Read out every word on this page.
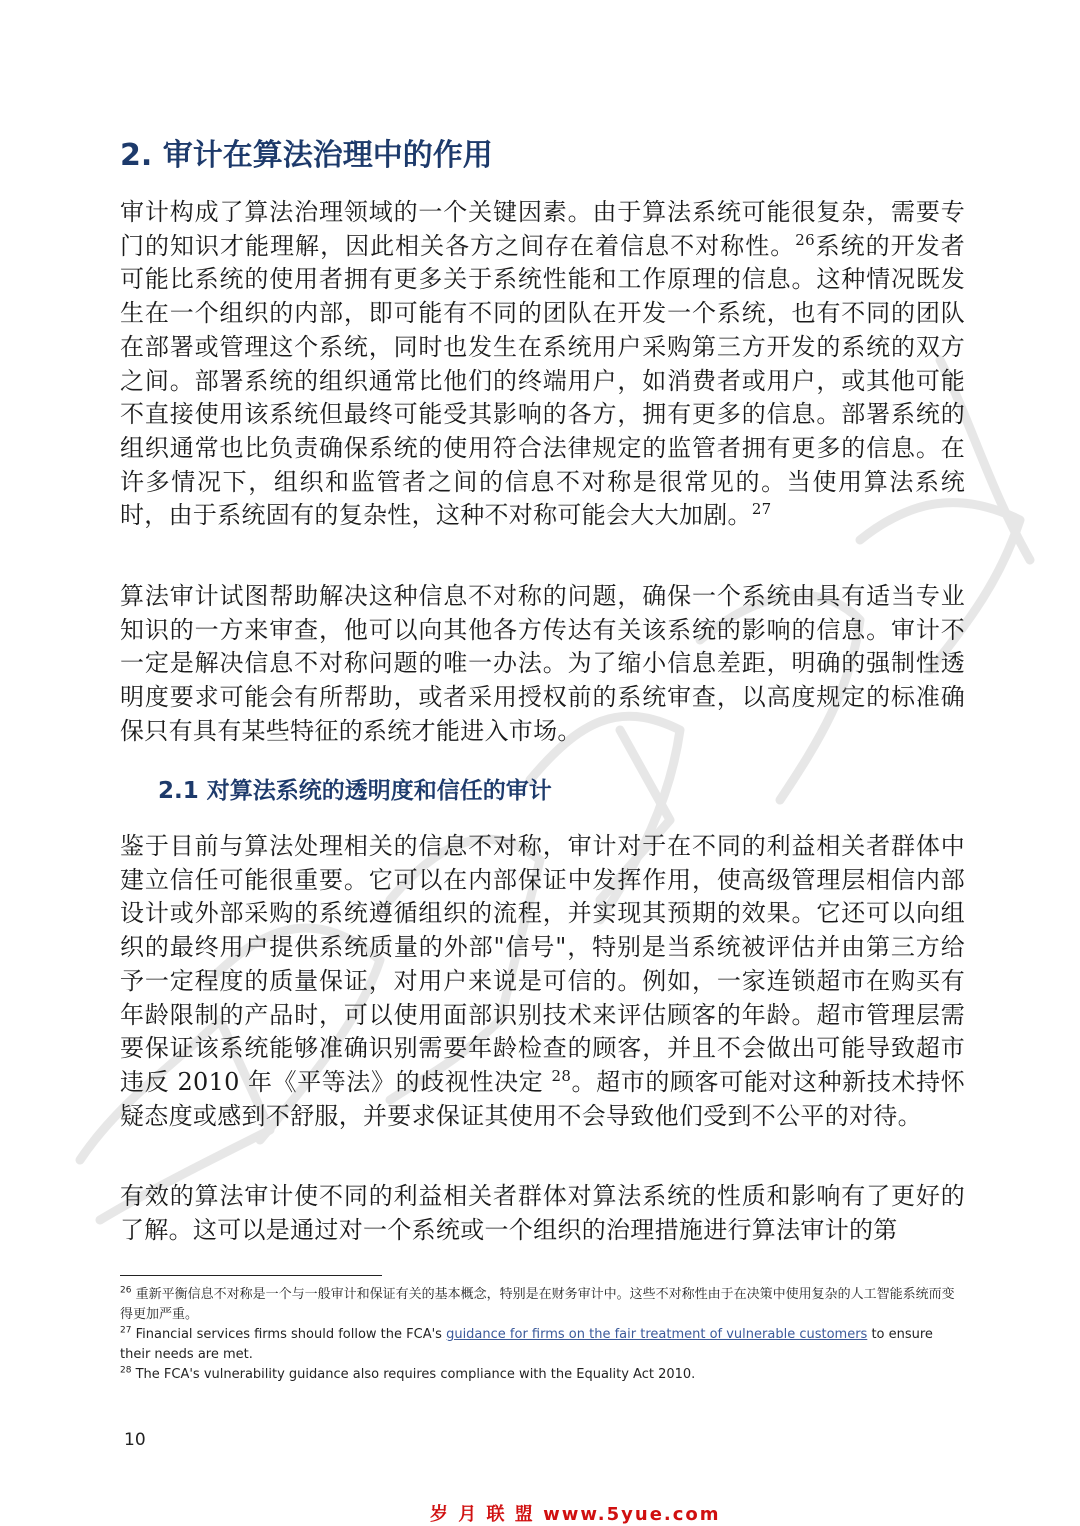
2. 审计在算法治理中的作用

审计构成了算法治理领域的一个关键因素。由于算法系统可能很复杂，需要专门的知识才能理解，因此相关各方之间存在着信息不对称性。$^{26}$系统的开发者可能比系统的使用者拥有更多关于系统性能和工作原理的信息。这种情况既发生在一个组织的内部，即可能有不同的团队在开发一个系统，也有不同的团队在部署或管理这个系统，同时也发生在系统用户采购第三方开发的系统的双方之间。部署系统的组织通常比他们的终端用户，如消费者或用户，或其他可能不直接使用该系统但最终可能受其影响的各方，拥有更多的信息。部署系统的组织通常也比负责确保系统的使用符合法律规定的监管者拥有更多的信息。在许多情况下，组织和监管者之间的信息不对称是很常见的。当使用算法系统时，由于系统固有的复杂性，这种不对称可能会大大加剧。$^{27}$

算法审计试图帮助解决这种信息不对称的问题，确保一个系统由具有适当专业知识的一方来审查，他可以向其他各方传达有关该系统的影响的信息。审计不一定是解决信息不对称问题的唯一办法。为了缩小信息差距，明确的强制性透明度要求可能会有所帮助，或者采用授权前的系统审查，以高度规定的标准确保只有具有某些特征的系统才能进入市场。

2.1 对算法系统的透明度和信任的审计

鉴于目前与算法处理相关的信息不对称，审计对于在不同的利益相关者群体中建立信任可能很重要。它可以在内部保证中发挥作用，使高级管理层相信内部设计或外部采购的系统遵循组织的流程，并实现其预期的效果。它还可以向组织的最终用户提供系统质量的外部"信号"，特别是当系统被评估并由第三方给予一定程度的质量保证，对用户来说是可信的。例如，一家连锁超市在购买有年龄限制的产品时，可以使用面部识别技术来评估顾客的年龄。超市管理层需要保证该系统能够准确识别需要年龄检查的顾客，并且不会做出可能导致超市违反 2010 年《平等法》的歧视性决定 $^{28}$。超市的顾客可能对这种新技术持怀疑态度或感到不舒服，并要求保证其使用不会导致他们受到不公平的对待。

有效的算法审计使不同的利益相关者群体对算法系统的性质和影响有了更好的了解。这可以是通过对一个系统或一个组织的治理措施进行算法审计的第

$^{26}$ 重新平衡信息不对称是一个与一般审计和保证有关的基本概念，特别是在财务审计中。这些不对称性由于在决策中使用复杂的人工智能系统而变得更加严重。

$^{27}$ Financial services firms should follow the FCA's guidance for firms on the fair treatment of vulnerable customers to ensure their needs are met.

$^{28}$ The FCA's vulnerability guidance also requires compliance with the Equality Act 2010.

10
岁 月 联 盟 www.5yue.com
